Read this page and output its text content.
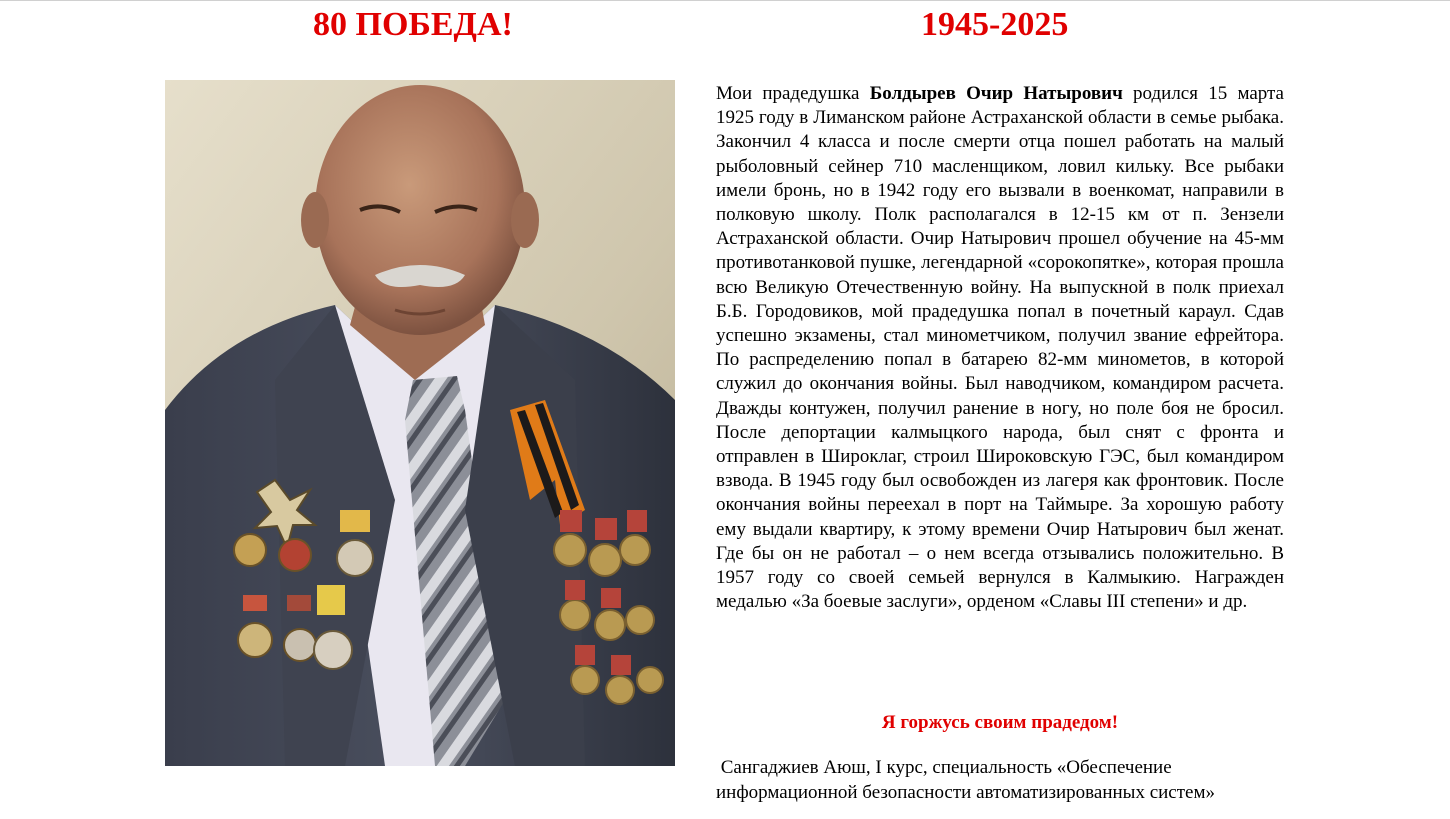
80 ПОБЕДА!	1945-2025

Мои прадедушка Болдырев Очир Натырович родился 15 марта 1925 году в Лиманском районе Астраханской области в семье рыбака. Закончил 4 класса и после смерти отца пошел работать на малый рыболовный сейнер 710 масленщиком, ловил кильку. Все рыбаки имели бронь, но в 1942 году его вызвали в военкомат, направили в полковую школу. Полк располагался в 12-15 км от п. Зензели Астраханской области. Очир Натырович прошел обучение на 45-мм противотанковой пушке, легендарной «сорокопятке», которая прошла всю Великую Отечественную войну. На выпускной в полк приехал Б.Б. Городовиков, мой прадедушка попал в почетный караул. Сдав успешно экзамены, стал минометчиком, получил звание ефрейтора. По распределению попал в батарею 82-мм минометов, в которой служил до окончания войны. Был наводчиком, командиром расчета. Дважды контужен, получил ранение в ногу, но поле боя не бросил. После депортации калмыцкого народа, был снят с фронта и отправлен в Широклаг, строил Широковскую ГЭС, был командиром взвода. В 1945 году был освобожден из лагеря как фронтовик. После окончания войны переехал в порт на Таймыре. За хорошую работу ему выдали квартиру, к этому времени Очир Натырович был женат. Где бы он не работал – о нем всегда отзывались положительно. В 1957 году со своей семьей вернулся в Калмыкию. Награжден медалью «За боевые заслуги», орденом «Славы III степени» и др.

Я горжусь своим прадедом!

Сангаджиев Аюш, I курс, специальность «Обеспечение
информационной безопасности автоматизированных систем»
